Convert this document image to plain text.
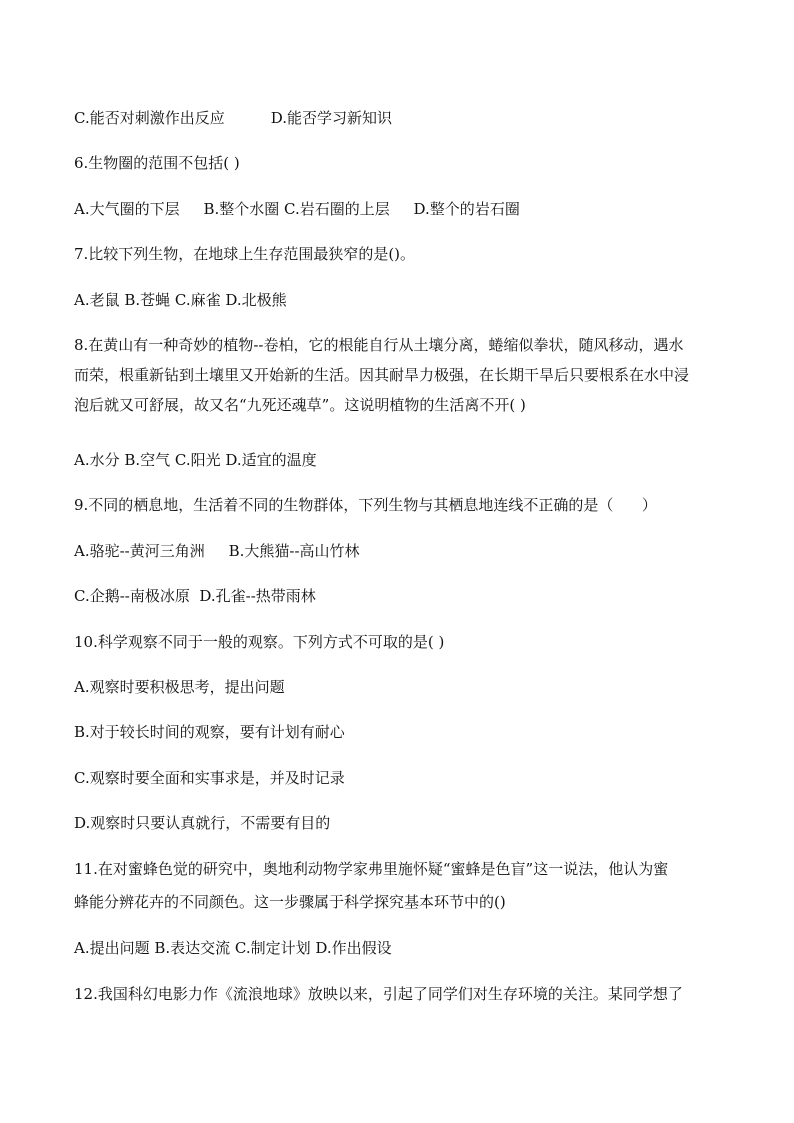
C.能否对刺激作出反应	D.能否学习新知识
6.生物圈的范围不包括( )
A.大气圈的下层     B.整个水圈 C.岩石圈的上层     D.整个的岩石圈
7.比较下列生物，在地球上生存范围最狭窄的是()。
A.老鼠 B.苍蝇 C.麻雀 D.北极熊
8.在黄山有一种奇妙的植物--卷柏，它的根能自行从土壤分离，蜷缩似拳状，随风移动，遇水
而荣，根重新钻到土壤里又开始新的生活。因其耐旱力极强，在长期干旱后只要根系在水中浸
泡后就又可舒展，故又名“九死还魂草”。这说明植物的生活离不开( )
A.水分 B.空气 C.阳光 D.适宜的温度
9.不同的栖息地，生活着不同的生物群体，下列生物与其栖息地连线不正确的是（      ）
A.骆驼--黄河三角洲     B.大熊猫--高山竹林
C.企鹅--南极冰原  D.孔雀--热带雨林
10.科学观察不同于一般的观察。下列方式不可取的是( )
A.观察时要积极思考，提出问题
B.对于较长时间的观察，要有计划有耐心
C.观察时要全面和实事求是，并及时记录
D.观察时只要认真就行，不需要有目的
11.在对蜜蜂色觉的研究中，奥地利动物学家弗里施怀疑“蜜蜂是色盲”这一说法，他认为蜜
蜂能分辨花卉的不同颜色。这一步骤属于科学探究基本环节中的()
A.提出问题 B.表达交流 C.制定计划 D.作出假设
12.我国科幻电影力作《流浪地球》放映以来，引起了同学们对生存环境的关注。某同学想了
